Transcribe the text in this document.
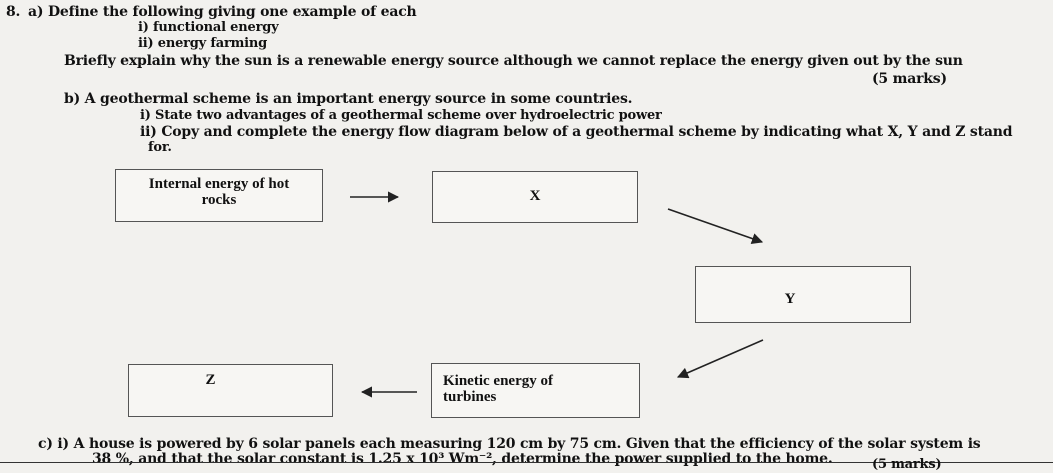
8. a) Define the following giving one example of each
i) functional energy
ii) energy farming
Briefly explain why the sun is a renewable energy source although we cannot replace the energy given out by the sun
(5 marks)
b) A geothermal scheme is an important energy source in some countries.
i) State two advantages of a geothermal scheme over hydroelectric power
ii) Copy and complete the energy flow diagram below of a geothermal scheme by indicating what X, Y and Z stand
for.
Internal energy of hot
rocks	X
Y
Kinetic energy of
turbines
Z
c) i) A house is powered by 6 solar panels each measuring 120 cm by 75 cm. Given that the efficiency of the solar system is
38 %, and that the solar constant is 1.25 x 10³ Wm⁻², determine the power supplied to the home.	(5 marks)
